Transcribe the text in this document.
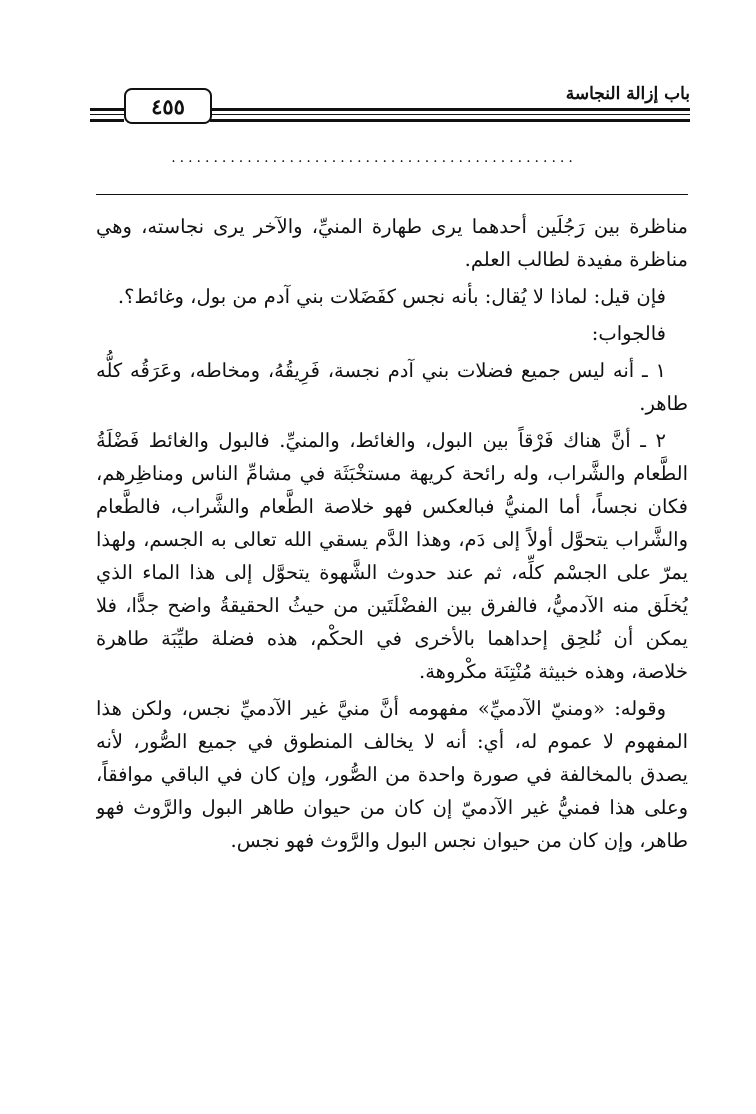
باب إزالة النجاسة
٤٥٥
................................................

مناظرة بين رَجُلَين أحدهما يرى طهارة المنيِّ، والآخر يرى نجاسته، وهي مناظرة مفيدة لطالب العلم.

فإن قيل: لماذا لا يُقال: بأنه نجس كفَضَلات بني آدم من بول، وغائط؟.

فالجواب:

١ ـ أنه ليس جميع فضلات بني آدم نجسة، فَرِيقُهُ، ومخاطه، وعَرَقُه كلُّه طاهر.

٢ ـ أنَّ هناك فَرْقاً بين البول، والغائط، والمنيِّ. فالبول والغائط فَضْلَةُ الطَّعام والشَّراب، وله رائحة كريهة مستخْبَثَة في مشامِّ الناس ومناظِرهم، فكان نجساً، أما المنيُّ فبالعكس فهو خلاصة الطَّعام والشَّراب، فالطَّعام والشَّراب يتحوَّل أولاً إلى دَم، وهذا الدَّم يسقي الله تعالى به الجسم، ولهذا يمرّ على الجسْم كلِّه، ثم عند حدوث الشَّهوة يتحوَّل إلى هذا الماء الذي يُخلَق منه الآدميُّ، فالفرق بين الفضْلَتَين من حيثُ الحقيقةُ واضح جدًّا، فلا يمكن أن نُلحِق إحداهما بالأخرى في الحكْم، هذه فضلة طيِّبَة طاهرة خلاصة، وهذه خبيثة مُنْتِنَة مكْروهة.

وقوله: «ومنيّ الآدميِّ» مفهومه أنَّ منيَّ غير الآدميِّ نجس، ولكن هذا المفهوم لا عموم له، أي: أنه لا يخالف المنطوق في جميع الصُّور، لأنه يصدق بالمخالفة في صورة واحدة من الصُّور، وإن كان في الباقي موافقاً، وعلى هذا فمنيُّ غير الآدميّ إن كان من حيوان طاهر البول والرَّوث فهو طاهر، وإن كان من حيوان نجس البول والرَّوث فهو نجس.
